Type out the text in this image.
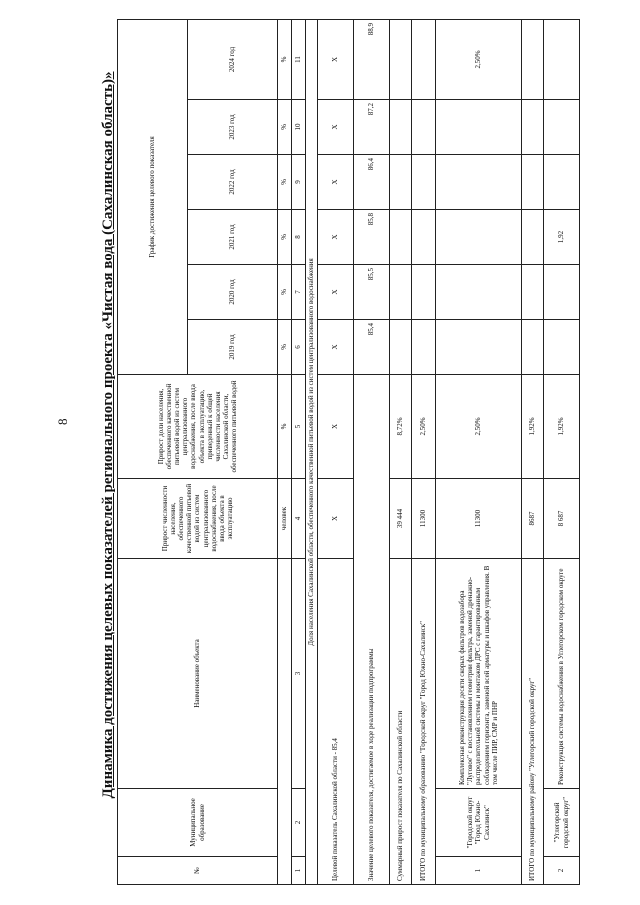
8 Динамика достижения целевых показателей регионального проекта «Чистая вода (Сахалинская область)»
№	Муниципальное образование	Наименование объекта	Прирост численности населения, обеспеченного качественной питьевой водой из систем централизованного водоснабжения, после ввода объекта в эксплуатацию	Прирост доли населения, обеспеченного качественной питьевой водой из систем централизованного водоснабжения, после ввода объекта в эксплуатацию, приведенный к общей численности населения Сахалинской области, обеспеченного питьевой водой	График достижения целевого показателя					
					2019 год	2020 год	2021 год	2022 год	2023 год	2024 год
			человек	%	%	%	%	%	%	%
1	2	3	4	5	6	7	8	9	10	11
Доля населения Сахалинской области, обеспеченного качественной питьевой водой из систем централизованного водоснабжения										
Целевой показатель Сахалинской области - 85,4			X	X	X	X	X	X	X	X
Значение целевого показателя, достигаемое в ходе реализации подпрограммы					85,4	85,5	85,8	86,4	87,2	88,9
Суммарный прирост показателя по Сахалинской области			39 444	8,72%						
ИТОГО по муниципальному образованию "Городской округ "Город Южно-Сахалинск"			11300	2,50%						
1	"Городской округ "Город Южно-Сахалинск"	Комплексная реконструкция десяти скорых фильтров водозабора "Луговое" с восстановлением геометрии фильтра, заменой дренажно-распределительной системы и монтажом ДРС с гарантированным соблюдением горизонта, заменой всей арматуры и шкафов управления. В том числе ПИР, СМР и ПНР	11300	2,50%						2,50%
ИТОГО по муниципальному району "Углегорский городской округ"			8687	1,92%						
2	"Углегорский городской округ"	Реконструкция системы водоснабжения в Углегорском городском округе	8 687	1,92%			1,92			
